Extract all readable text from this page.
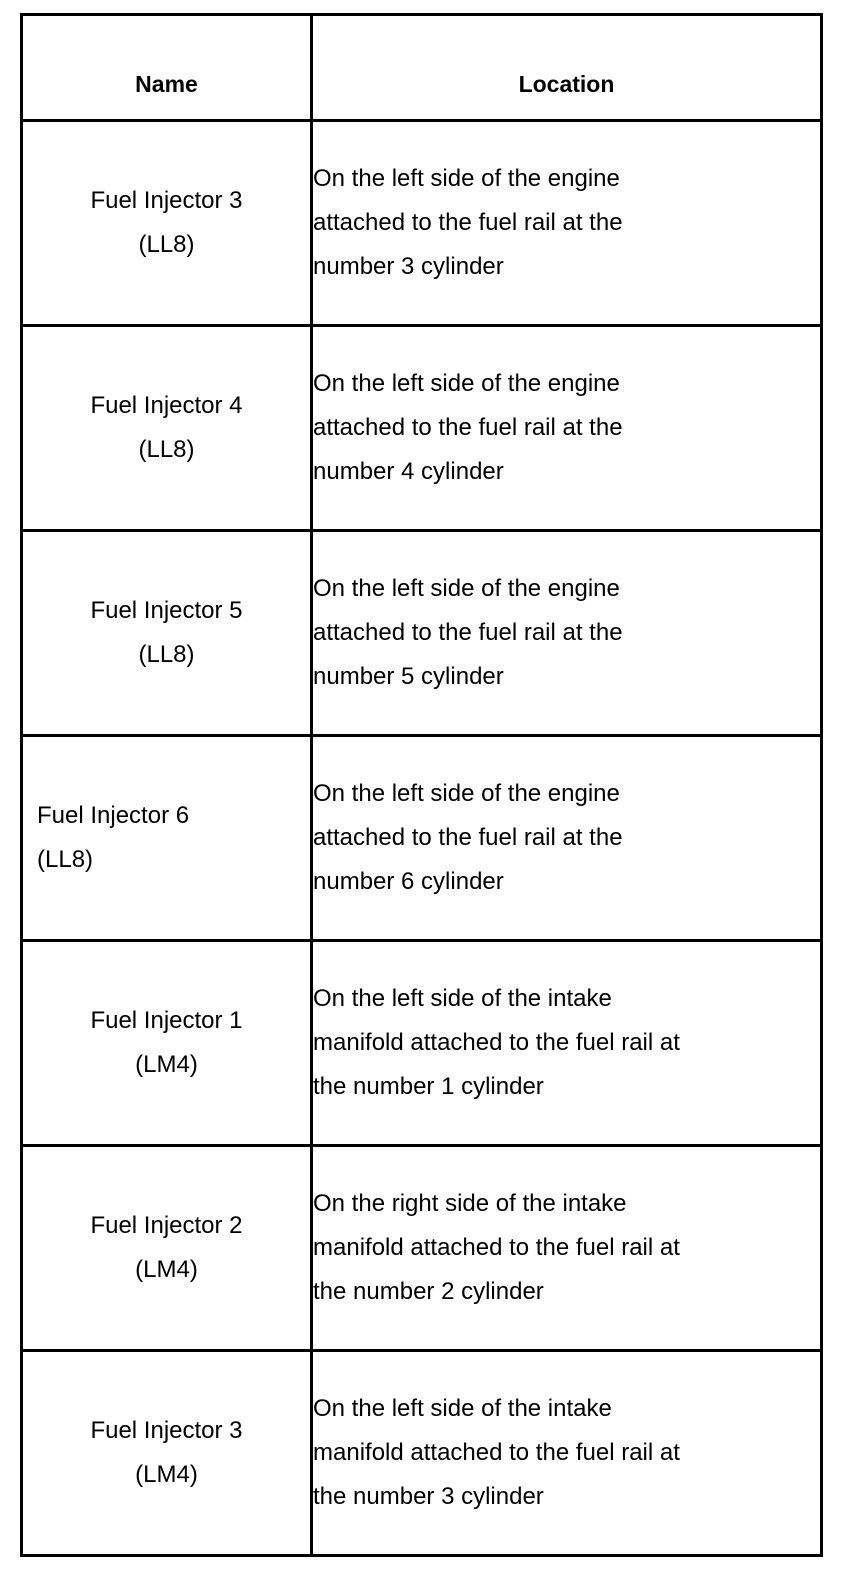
Name	Location

Fuel Injector 3
(LL8)	On the left side of the engine
attached to the fuel rail at the
number 3 cylinder

Fuel Injector 4
(LL8)	On the left side of the engine
attached to the fuel rail at the
number 4 cylinder

Fuel Injector 5
(LL8)	On the left side of the engine
attached to the fuel rail at the
number 5 cylinder

Fuel Injector 6
(LL8)	On the left side of the engine
attached to the fuel rail at the
number 6 cylinder

Fuel Injector 1
(LM4)	On the left side of the intake
manifold attached to the fuel rail at
the number 1 cylinder

Fuel Injector 2
(LM4)	On the right side of the intake
manifold attached to the fuel rail at
the number 2 cylinder

Fuel Injector 3
(LM4)	On the left side of the intake
manifold attached to the fuel rail at
the number 3 cylinder
